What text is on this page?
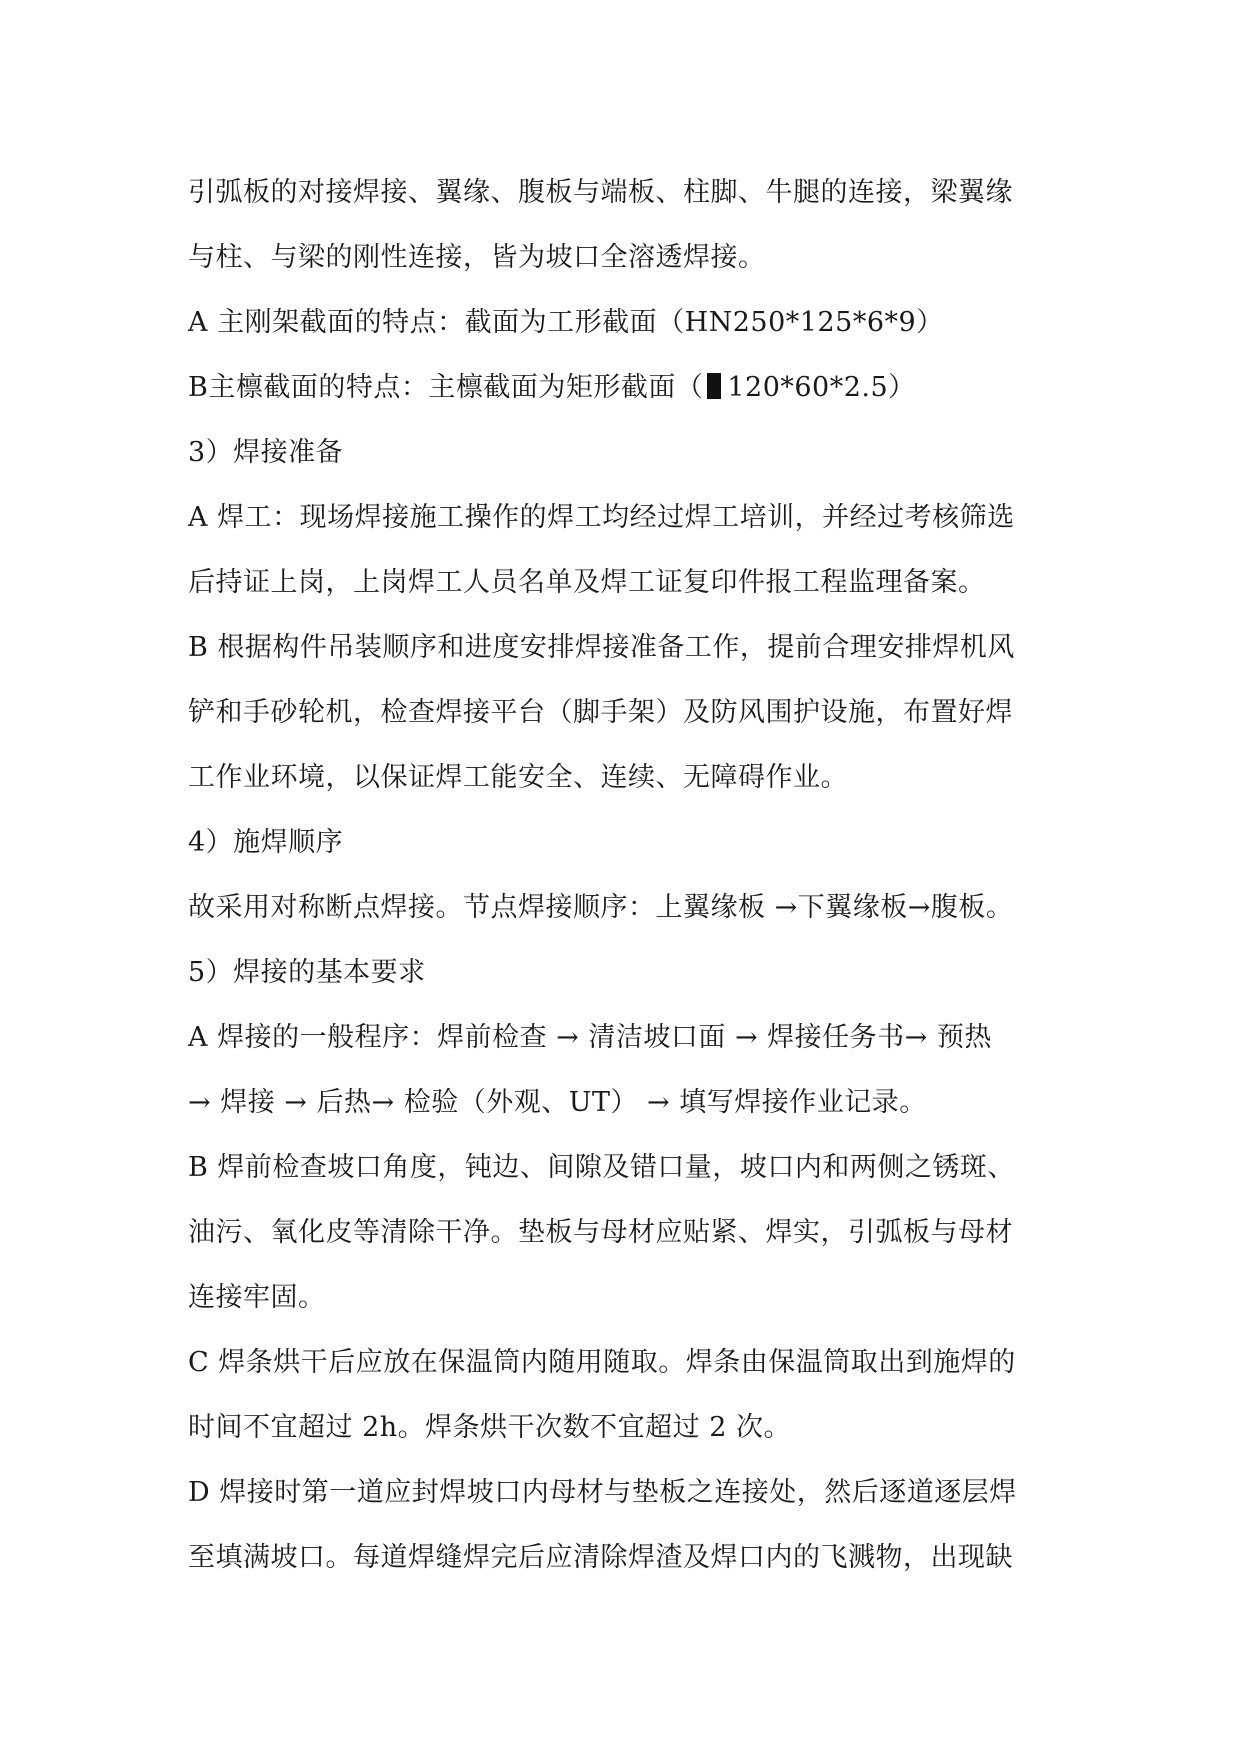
引弧板的对接焊接、翼缘、腹板与端板、柱脚、牛腿的连接，梁翼缘
与柱、与梁的刚性连接，皆为坡口全溶透焊接。
A 主刚架截面的特点：截面为工形截面（HN250*125*6*9）
B主檩截面的特点：主檩截面为矩形截面（ 120*60*2.5）
3）焊接准备
A 焊工：现场焊接施工操作的焊工均经过焊工培训，并经过考核筛选
后持证上岗，上岗焊工人员名单及焊工证复印件报工程监理备案。
B 根据构件吊装顺序和进度安排焊接准备工作，提前合理安排焊机风
铲和手砂轮机，检查焊接平台（脚手架）及防风围护设施，布置好焊
工作业环境，以保证焊工能安全、连续、无障碍作业。
4）施焊顺序
故采用对称断点焊接。节点焊接顺序：上翼缘板 →下翼缘板→腹板。
5）焊接的基本要求
A 焊接的一般程序：焊前检查 → 清洁坡口面 → 焊接任务书→ 预热
→ 焊接 → 后热→ 检验（外观、UT） → 填写焊接作业记录。
B 焊前检查坡口角度，钝边、间隙及错口量，坡口内和两侧之锈斑、
油污、氧化皮等清除干净。垫板与母材应贴紧、焊实，引弧板与母材
连接牢固。
C 焊条烘干后应放在保温筒内随用随取。焊条由保温筒取出到施焊的
时间不宜超过 2h。焊条烘干次数不宜超过 2 次。
D 焊接时第一道应封焊坡口内母材与垫板之连接处，然后逐道逐层焊
至填满坡口。每道焊缝焊完后应清除焊渣及焊口内的飞溅物，出现缺
